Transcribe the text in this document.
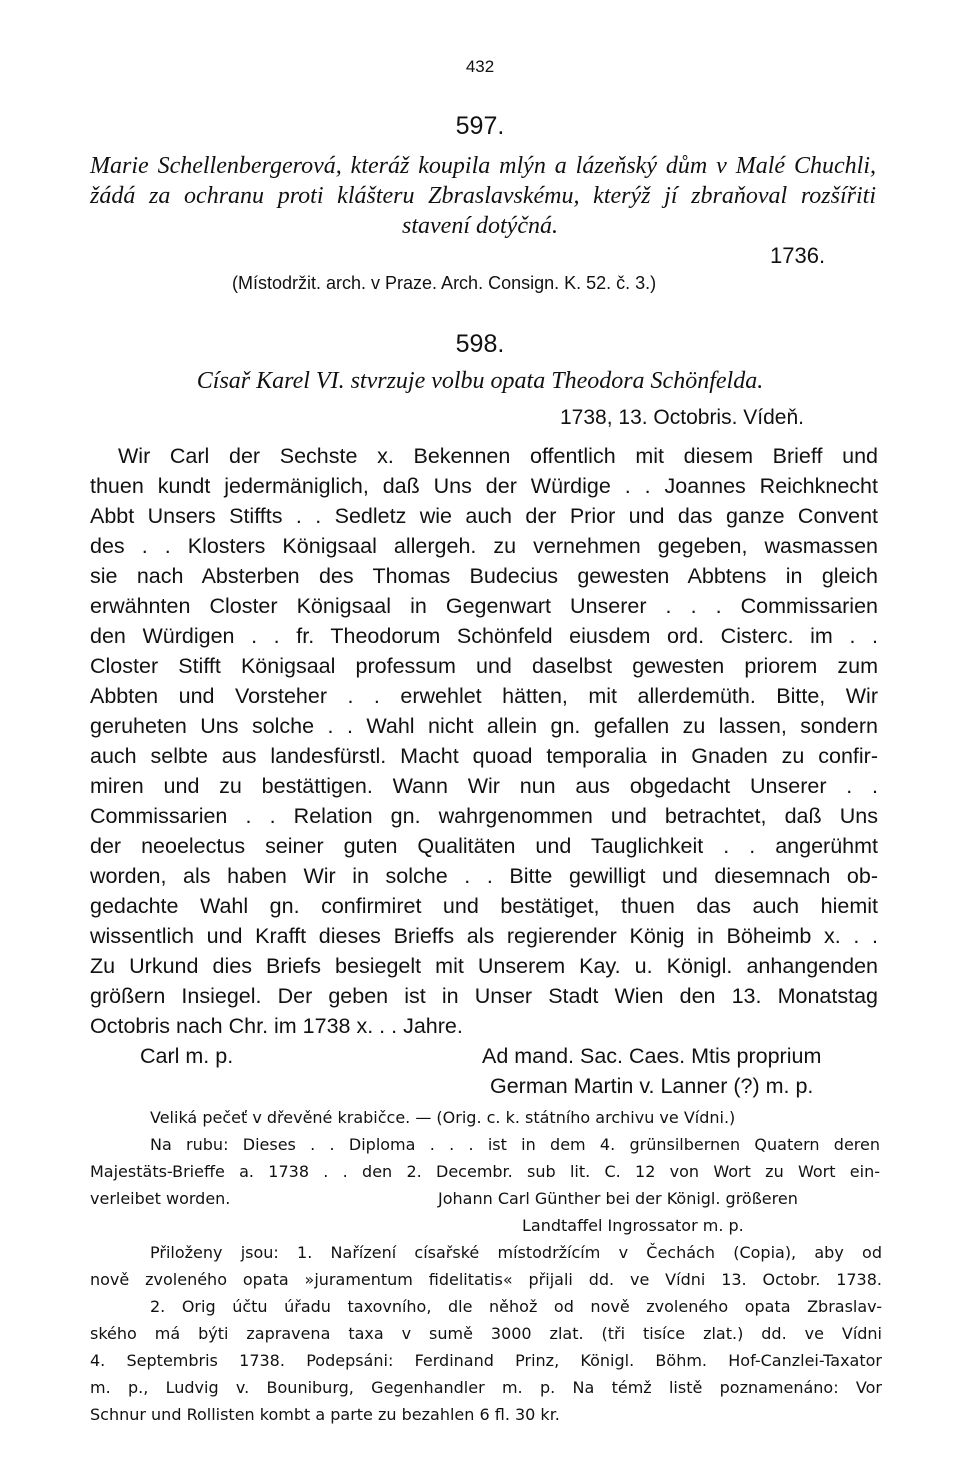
432
597.
Marie Schellenbergerová, kteráž koupila mlýn a lázeňský dům v Malé Chuchli,
žádá za ochranu proti klášteru Zbraslavskému, kterýž jí zbraňoval rozšířiti
stavení dotýčná.
1736.
(Místodržit. arch. v Praze. Arch. Consign. K. 52. č. 3.)
598.
Císař Karel VI. stvrzuje volbu opata Theodora Schönfelda.
1738, 13. Octobris. Vídeň.
Wir Carl der Sechste x. Bekennen offentlich mit diesem Brieff und
thuen kundt jedermäniglich, daß Uns der Würdige . . Joannes Reichknecht
Abbt Unsers Stiffts . . Sedletz wie auch der Prior und das ganze Convent
des . . Klosters Königsaal allergeh. zu vernehmen gegeben, wasmassen
sie nach Absterben des Thomas Budecius gewesten Abbtens in gleich
erwähnten Closter Königsaal in Gegenwart Unserer . . . Commissarien
den Würdigen . . fr. Theodorum Schönfeld eiusdem ord. Cisterc. im . .
Closter Stifft Königsaal professum und daselbst gewesten priorem zum
Abbten und Vorsteher . . erwehlet hätten, mit allerdemüth. Bitte, Wir
geruheten Uns solche . . Wahl nicht allein gn. gefallen zu lassen, sondern
auch selbte aus landesfürstl. Macht quoad temporalia in Gnaden zu confir-
miren und zu bestättigen. Wann Wir nun aus obgedacht Unserer . .
Commissarien . . Relation gn. wahrgenommen und betrachtet, daß Uns
der neoelectus seiner guten Qualitäten und Tauglichkeit . . angerühmt
worden, als haben Wir in solche . . Bitte gewilligt und diesemnach ob-
gedachte Wahl gn. confirmiret und bestätiget, thuen das auch hiemit
wissentlich und Krafft dieses Brieffs als regierender König in Böheimb x. . .
Zu Urkund dies Briefs besiegelt mit Unserem Kay. u. Königl. anhangenden
größern Insiegel. Der geben ist in Unser Stadt Wien den 13. Monatstag
Octobris nach Chr. im 1738 x. . . Jahre.
Carl m. p.	Ad mand. Sac. Caes. Mtis proprium
German Martin v. Lanner (?) m. p.
Veliká pečeť v dřevěné krabičce. — (Orig. c. k. státního archivu ve Vídni.)
Na rubu: Dieses . . Diploma . . . ist in dem 4. grünsilbernen Quatern deren
Majestäts-Brieffe a. 1738 . . den 2. Decembr. sub lit. C. 12 von Wort zu Wort ein-
verleibet worden.	Johann Carl Günther bei der Königl. größeren
Landtaffel Ingrossator m. p.
Přiloženy jsou: 1. Nařízení císařské místodržícím v Čechách (Copia), aby od
nově zvoleného opata »juramentum fidelitatis« přijali dd. ve Vídni 13. Octobr. 1738.
2. Orig účtu úřadu taxovního, dle něhož od nově zvoleného opata Zbraslav-
ského má býti zapravena taxa v sumě 3000 zlat. (tři tisíce zlat.) dd. ve Vídni
4. Septembris 1738. Podepsáni: Ferdinand Prinz, Königl. Böhm. Hof-Canzlei-Taxator
m. p., Ludvig v. Bouniburg, Gegenhandler m. p. Na témž listě poznamenáno: Vor
Schnur und Rollisten kombt a parte zu bezahlen 6 fl. 30 kr.
